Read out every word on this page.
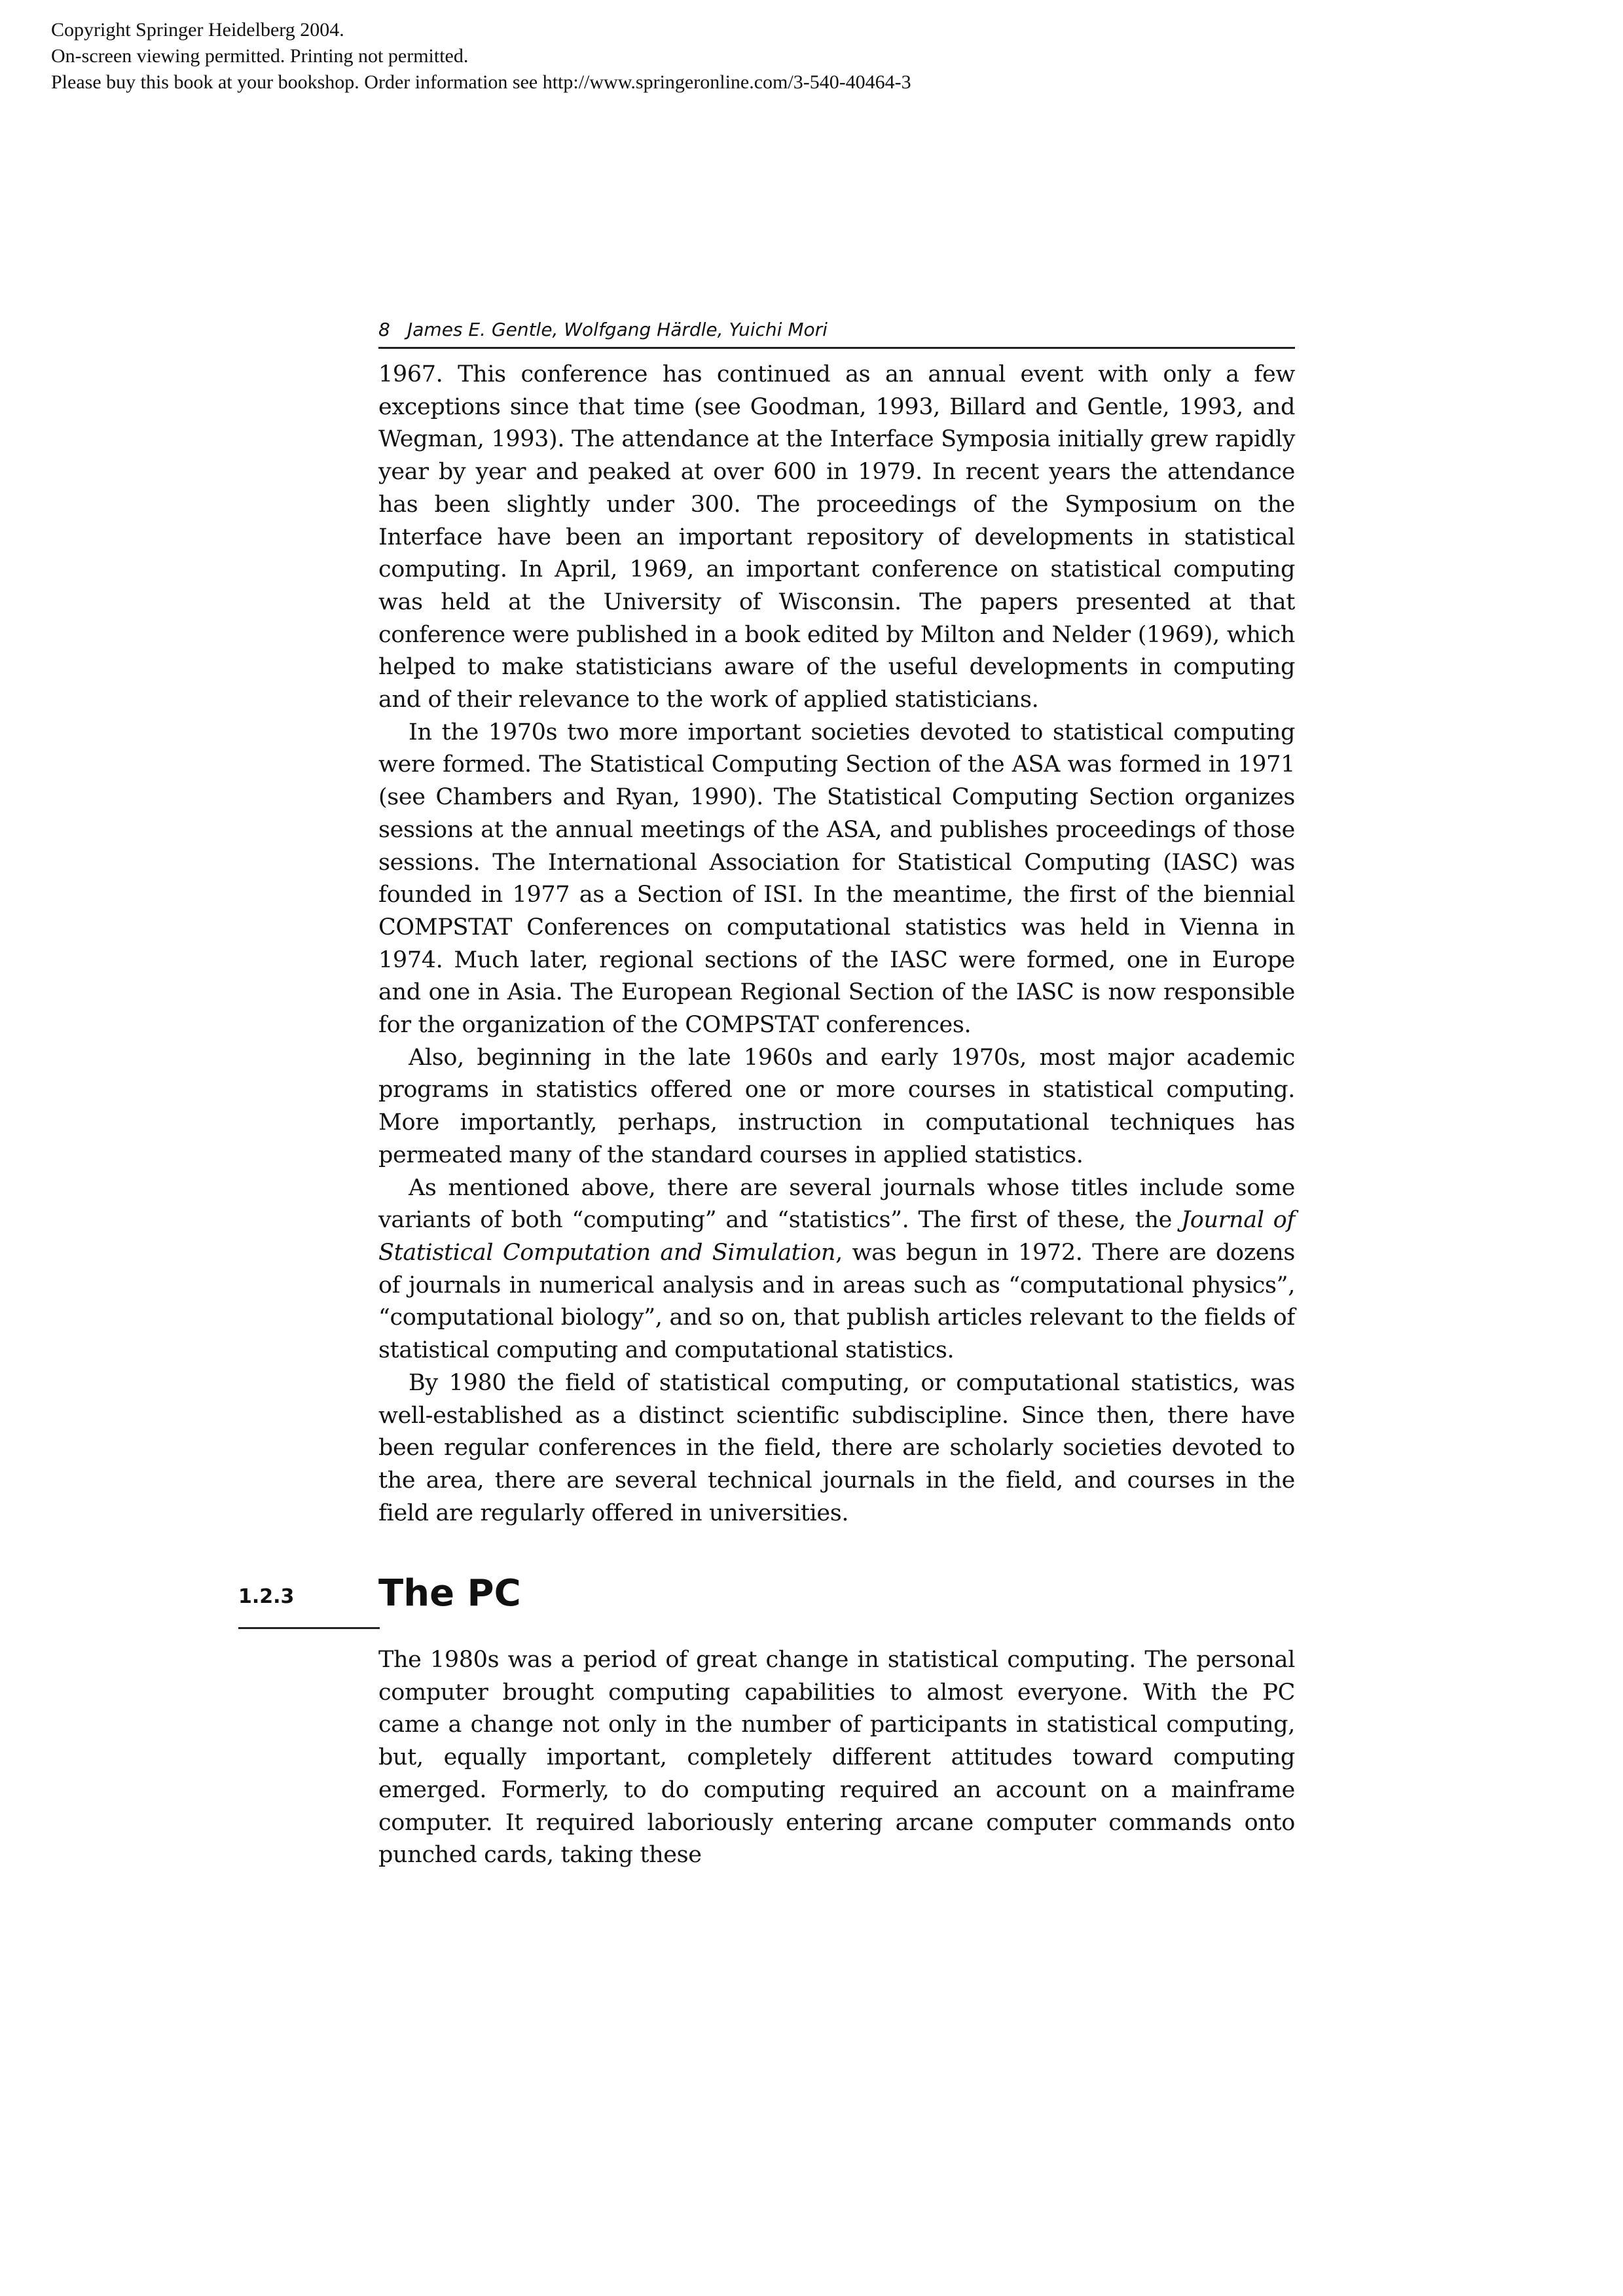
Copyright Springer Heidelberg 2004.
On-screen viewing permitted. Printing not permitted.
Please buy this book at your bookshop. Order information see http://www.springeronline.com/3-540-40464-3
8 James E. Gentle, Wolfgang Härdle, Yuichi Mori

1967. This conference has continued as an annual event with only a few exceptions since that time (see Goodman, 1993, Billard and Gentle, 1993, and Wegman, 1993). The attendance at the Interface Symposia initially grew rapidly year by year and peaked at over 600 in 1979. In recent years the attendance has been slightly under 300. The proceedings of the Symposium on the Interface have been an important repository of developments in statistical computing. In April, 1969, an important conference on statistical computing was held at the University of Wisconsin. The papers presented at that conference were published in a book edited by Milton and Nelder (1969), which helped to make statisticians aware of the useful developments in computing and of their relevance to the work of applied statisticians.

In the 1970s two more important societies devoted to statistical computing were formed. The Statistical Computing Section of the ASA was formed in 1971 (see Chambers and Ryan, 1990). The Statistical Computing Section organizes sessions at the annual meetings of the ASA, and publishes proceedings of those sessions. The International Association for Statistical Computing (IASC) was founded in 1977 as a Section of ISI. In the meantime, the first of the biennial COMPSTAT Conferences on computational statistics was held in Vienna in 1974. Much later, regional sections of the IASC were formed, one in Europe and one in Asia. The European Regional Section of the IASC is now responsible for the organization of the COMPSTAT conferences.

Also, beginning in the late 1960s and early 1970s, most major academic programs in statistics offered one or more courses in statistical computing. More importantly, perhaps, instruction in computational techniques has permeated many of the standard courses in applied statistics.

As mentioned above, there are several journals whose titles include some variants of both “computing” and “statistics”. The first of these, the Journal of Statistical Computation and Simulation, was begun in 1972. There are dozens of journals in numerical analysis and in areas such as “computational physics”, “computational biology”, and so on, that publish articles relevant to the fields of statistical computing and computational statistics.

By 1980 the field of statistical computing, or computational statistics, was well-established as a distinct scientific subdiscipline. Since then, there have been regular conferences in the field, there are scholarly societies devoted to the area, there are several technical journals in the field, and courses in the field are regularly offered in universities.

1.2.3 The PC

The 1980s was a period of great change in statistical computing. The personal computer brought computing capabilities to almost everyone. With the PC came a change not only in the number of participants in statistical computing, but, equally important, completely different attitudes toward computing emerged. Formerly, to do computing required an account on a mainframe computer. It required laboriously entering arcane computer commands onto punched cards, taking these
